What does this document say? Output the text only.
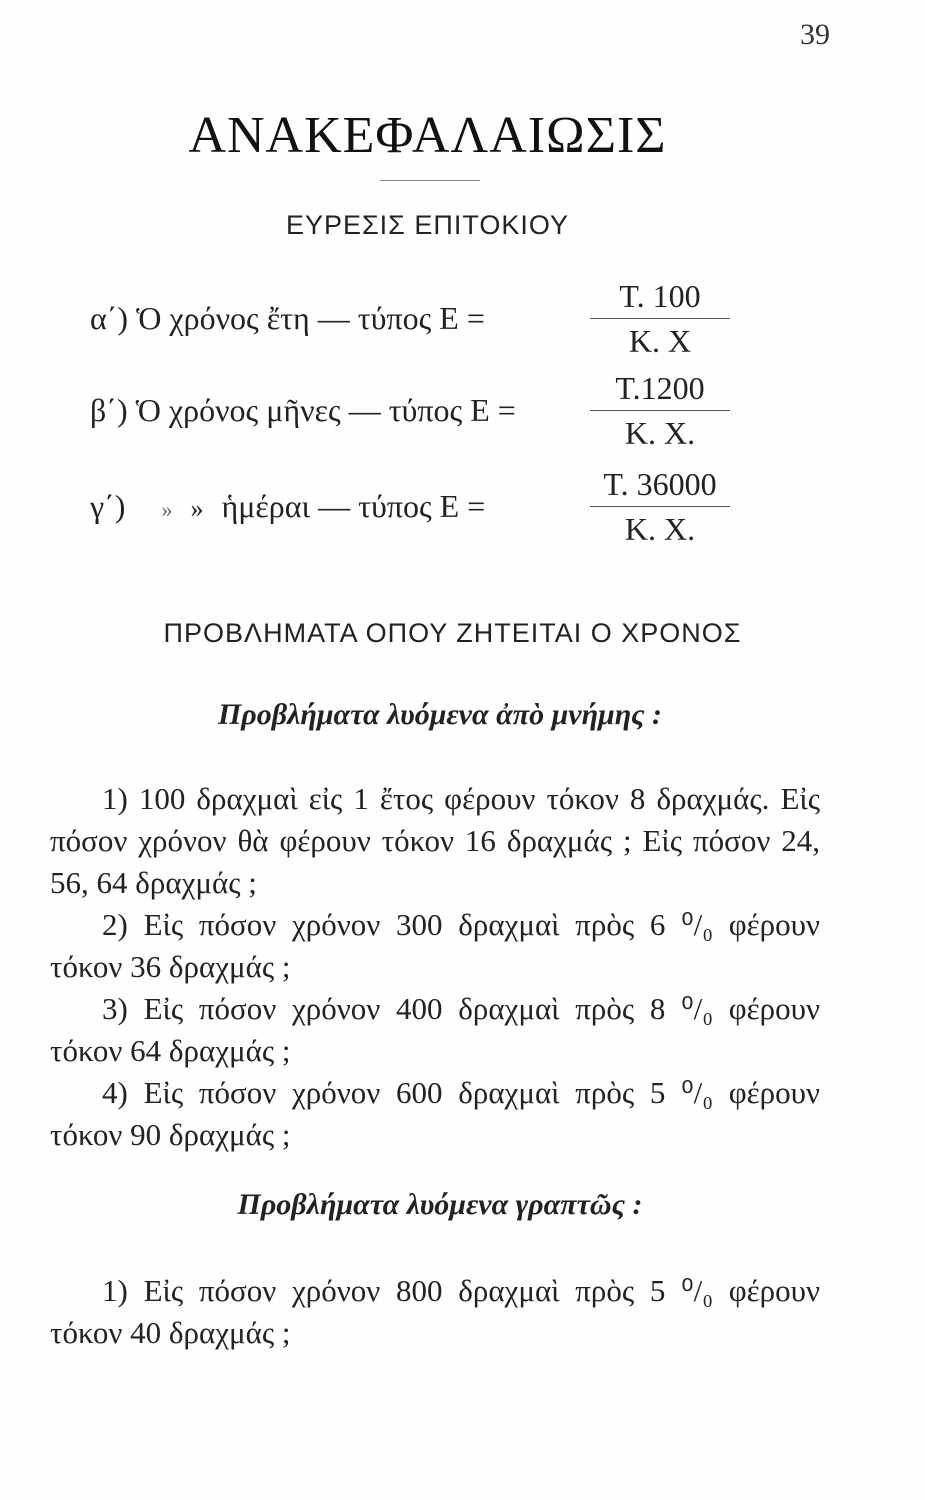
39
ΑΝΑΚΕΦΑΛΑΙΩΣΙΣ
ΕΥΡΕΣΙΣ ΕΠΙΤΟΚΙΟΥ
α΄) Ὁ χρόνος ἔτη — τύπος Ε =
Τ. 100
Κ. Χ
β΄) Ὁ χρόνος μῆνες — τύπος Ε =
Τ.1200
Κ. Χ.
γ΄) » » ἡμέραι — τύπος Ε =
Τ. 36000
Κ. Χ.
ΠΡΟΒΛΗΜΑΤΑ ΟΠΟΥ ΖΗΤΕΙΤΑΙ Ο ΧΡΟΝΟΣ
Προβλήματα λυόμενα ἀπὸ μνήμης :
1) 100 δραχμαὶ εἰς 1 ἔτος φέρουν τόκον 8 δραχμάς. Εἰς πόσον χρόνον θὰ φέρουν τόκον 16 δραχμάς ; Εἰς πόσον 24, 56, 64 δραχμάς ;
2) Εἰς πόσον χρόνον 300 δραχμαὶ πρὸς 6 ⁰/₀ φέρουν τόκον 36 δραχμάς ;
3) Εἰς πόσον χρόνον 400 δραχμαὶ πρὸς 8 ⁰/₀ φέρουν τόκον 64 δραχμάς ;
4) Εἰς πόσον χρόνον 600 δραχμαὶ πρὸς 5 ⁰/₀ φέρουν τόκον 90 δραχμάς ;
Προβλήματα λυόμενα γραπτῶς :
1) Εἰς πόσον χρόνον 800 δραχμαὶ πρὸς 5 ⁰/₀ φέρουν τόκον 40 δραχμάς ;
